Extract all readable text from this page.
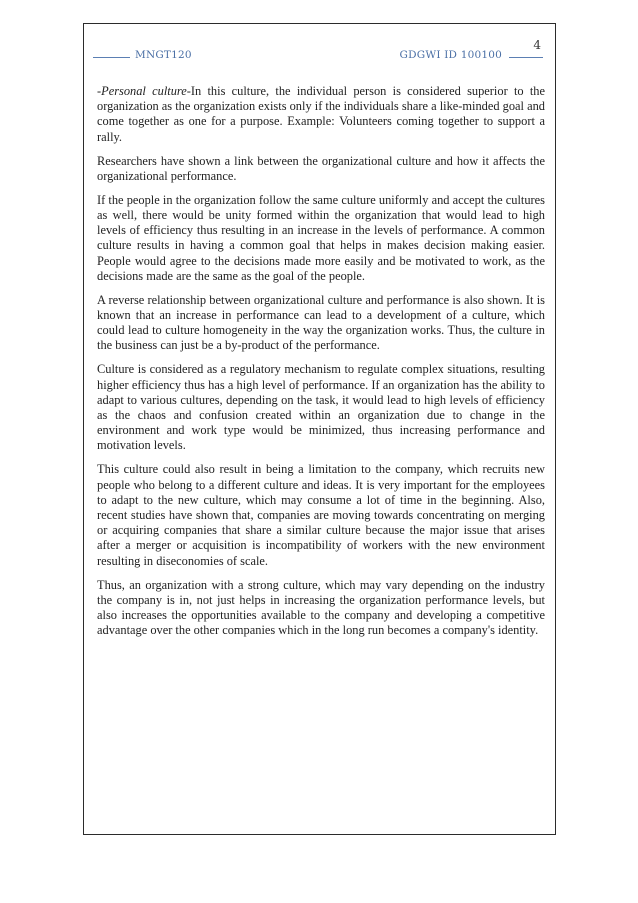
4
MNGT120	GDGWI ID 100100

-Personal culture-In this culture, the individual person is considered superior to the organization as the organization exists only if the individuals share a like-minded goal and come together as one for a purpose. Example: Volunteers coming together to support a rally.

Researchers have shown a link between the organizational culture and how it affects the organizational performance.

If the people in the organization follow the same culture uniformly and accept the cultures as well, there would be unity formed within the organization that would lead to high levels of efficiency thus resulting in an increase in the levels of performance. A common culture results in having a common goal that helps in makes decision making easier. People would agree to the decisions made more easily and be motivated to work, as the decisions made are the same as the goal of the people.

A reverse relationship between organizational culture and performance is also shown. It is known that an increase in performance can lead to a development of a culture, which could lead to culture homogeneity in the way the organization works. Thus, the culture in the business can just be a by-product of the performance.

Culture is considered as a regulatory mechanism to regulate complex situations, resulting higher efficiency thus has a high level of performance. If an organization has the ability to adapt to various cultures, depending on the task, it would lead to high levels of efficiency as the chaos and confusion created within an organization due to change in the environment and work type would be minimized, thus increasing performance and motivation levels.

This culture could also result in being a limitation to the company, which recruits new people who belong to a different culture and ideas. It is very important for the employees to adapt to the new culture, which may consume a lot of time in the beginning. Also, recent studies have shown that, companies are moving towards concentrating on merging or acquiring companies that share a similar culture because the major issue that arises after a merger or acquisition is incompatibility of workers with the new environment resulting in diseconomies of scale.

Thus, an organization with a strong culture, which may vary depending on the industry the company is in, not just helps in increasing the organization performance levels, but also increases the opportunities available to the company and developing a competitive advantage over the other companies which in the long run becomes a company's identity.
